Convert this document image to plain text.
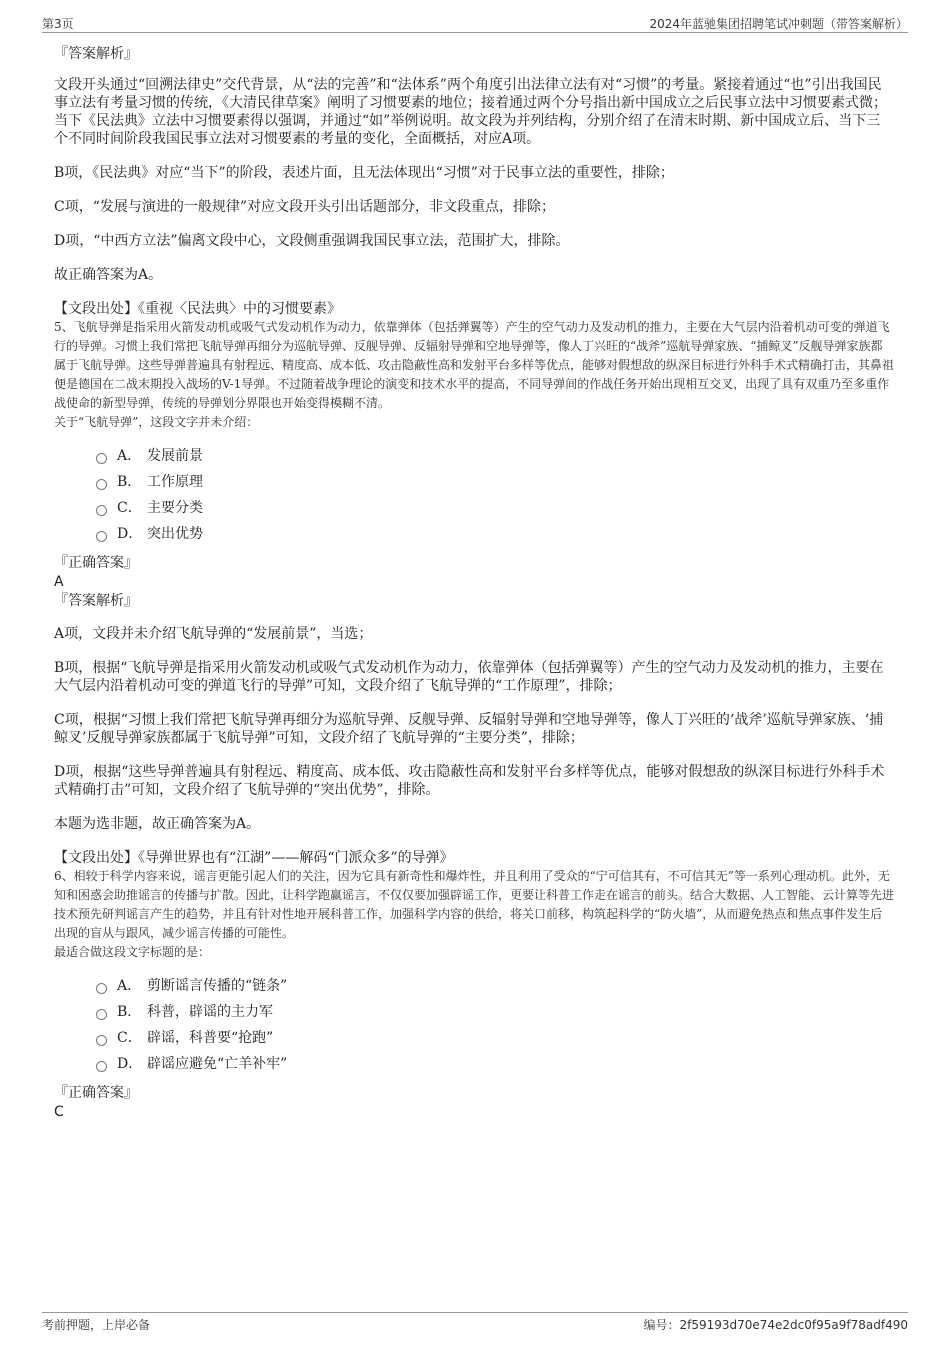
第3页	2024年蓝驰集团招聘笔试冲刺题（带答案解析）

『答案解析』

文段开头通过“回溯法律史”交代背景，从“法的完善”和“法体系”两个角度引出法律立法有对“习惯”的考量。紧接着通过“也”引出我国民事立法有考量习惯的传统，《大清民律草案》阐明了习惯要素的地位；接着通过两个分号指出新中国成立之后民事立法中习惯要素式微；当下《民法典》立法中习惯要素得以强调，并通过“如”举例说明。故文段为并列结构，分别介绍了在清末时期、新中国成立后、当下三个不同时间阶段我国民事立法对习惯要素的考量的变化，全面概括，对应A项。

B项，《民法典》对应“当下”的阶段，表述片面，且无法体现出“习惯”对于民事立法的重要性，排除；

C项，“发展与演进的一般规律”对应文段开头引出话题部分，非文段重点，排除；

D项，“中西方立法”偏离文段中心，文段侧重强调我国民事立法，范围扩大，排除。

故正确答案为A。

【文段出处】《重视〈民法典〉中的习惯要素》

5、飞航导弹是指采用火箭发动机或吸气式发动机作为动力，依靠弹体（包括弹翼等）产生的空气动力及发动机的推力，主要在大气层内沿着机动可变的弹道飞行的导弹。习惯上我们常把飞航导弹再细分为巡航导弹、反舰导弹、反辐射导弹和空地导弹等，像人丁兴旺的“战斧”巡航导弹家族、“捕鲸叉”反舰导弹家族都属于飞航导弹。这些导弹普遍具有射程远、精度高、成本低、攻击隐蔽性高和发射平台多样等优点，能够对假想敌的纵深目标进行外科手术式精确打击，其鼻祖便是德国在二战末期投入战场的V-1导弹。不过随着战争理论的演变和技术水平的提高，不同导弹间的作战任务开始出现相互交叉，出现了具有双重乃至多重作战使命的新型导弹，传统的导弹划分界限也开始变得模糊不清。

关于“飞航导弹”，这段文字并未介绍：

A． 发展前景
B． 工作原理
C． 主要分类
D． 突出优势

『正确答案』

A

『答案解析』

A项，文段并未介绍飞航导弹的“发展前景”，当选；

B项，根据“飞航导弹是指采用火箭发动机或吸气式发动机作为动力，依靠弹体（包括弹翼等）产生的空气动力及发动机的推力，主要在大气层内沿着机动可变的弹道飞行的导弹”可知，文段介绍了飞航导弹的“工作原理”，排除；

C项，根据“习惯上我们常把飞航导弹再细分为巡航导弹、反舰导弹、反辐射导弹和空地导弹等，像人丁兴旺的‘战斧’巡航导弹家族、‘捕鲸叉’反舰导弹家族都属于飞航导弹”可知，文段介绍了飞航导弹的“主要分类”，排除；

D项，根据“这些导弹普遍具有射程远、精度高、成本低、攻击隐蔽性高和发射平台多样等优点，能够对假想敌的纵深目标进行外科手术式精确打击”可知，文段介绍了飞航导弹的“突出优势”，排除。

本题为选非题，故正确答案为A。

【文段出处】《导弹世界也有“江湖”——解码“门派众多”的导弹》

6、相较于科学内容来说，谣言更能引起人们的关注，因为它具有新奇性和爆炸性，并且利用了受众的“宁可信其有，不可信其无”等一系列心理动机。此外，无知和困惑会助推谣言的传播与扩散。因此，让科学跑赢谣言，不仅仅要加强辟谣工作，更要让科普工作走在谣言的前头。结合大数据、人工智能、云计算等先进技术预先研判谣言产生的趋势，并且有针对性地开展科普工作，加强科学内容的供给，将关口前移，构筑起科学的“防火墙”，从而避免热点和焦点事件发生后出现的盲从与跟风，减少谣言传播的可能性。

最适合做这段文字标题的是：

A． 剪断谣言传播的“链条”
B． 科普，辟谣的主力军
C． 辟谣，科普要“抢跑”
D． 辟谣应避免“亡羊补牢”

『正确答案』

C

考前押题，上岸必备	编号：2f59193d70e74e2dc0f95a9f78adf490
